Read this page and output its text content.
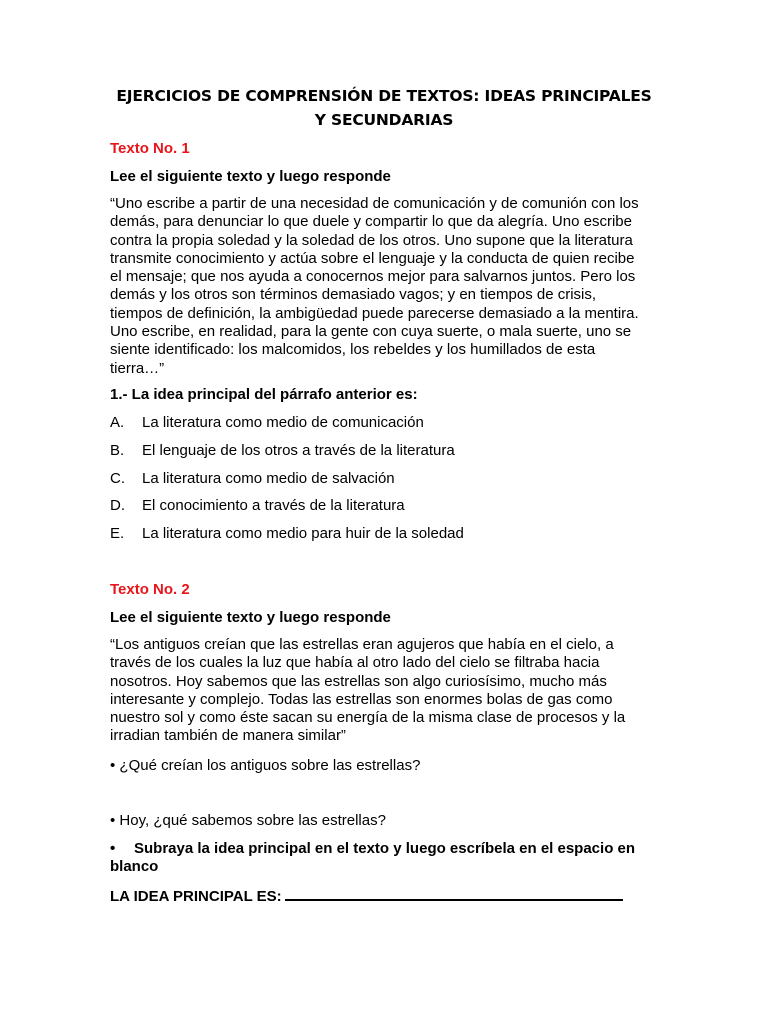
EJERCICIOS DE COMPRENSIÓN DE TEXTOS: IDEAS PRINCIPALES Y SECUNDARIAS
Texto No. 1
Lee el siguiente texto y luego responde
“Uno escribe a partir de una necesidad de comunicación y de comunión con los
demás, para denunciar lo que duele y compartir lo que da alegría. Uno escribe
contra la propia soledad y la soledad de los otros. Uno supone que la literatura
transmite conocimiento y actúa sobre el lenguaje y la conducta de quien recibe
el mensaje; que nos ayuda a conocernos mejor para salvarnos juntos. Pero los
demás y los otros son términos demasiado vagos; y en tiempos de crisis,
tiempos de definición, la ambigüedad puede parecerse demasiado a la mentira.
Uno escribe, en realidad, para la gente con cuya suerte, o mala suerte, uno se
siente identificado: los malcomidos, los rebeldes y los humillados de esta
tierra…”
1.- La idea principal del párrafo anterior es:
A. La literatura como medio de comunicación
B. El lenguaje de los otros a través de la literatura
C. La literatura como medio de salvación
D. El conocimiento a través de la literatura
E. La literatura como medio para huir de la soledad
Texto No. 2
Lee el siguiente texto y luego responde
“Los antiguos creían que las estrellas eran agujeros que había en el cielo, a
través de los cuales la luz que había al otro lado del cielo se filtraba hacia
nosotros. Hoy sabemos que las estrellas son algo curiosísimo, mucho más
interesante y complejo. Todas las estrellas son enormes bolas de gas como
nuestro sol y como éste sacan su energía de la misma clase de procesos y la
irradian también de manera similar”
• ¿Qué creían los antiguos sobre las estrellas?
• Hoy, ¿qué sabemos sobre las estrellas?
• Subraya la idea principal en el texto y luego escríbela en el espacio en
blanco
LA IDEA PRINCIPAL ES:
